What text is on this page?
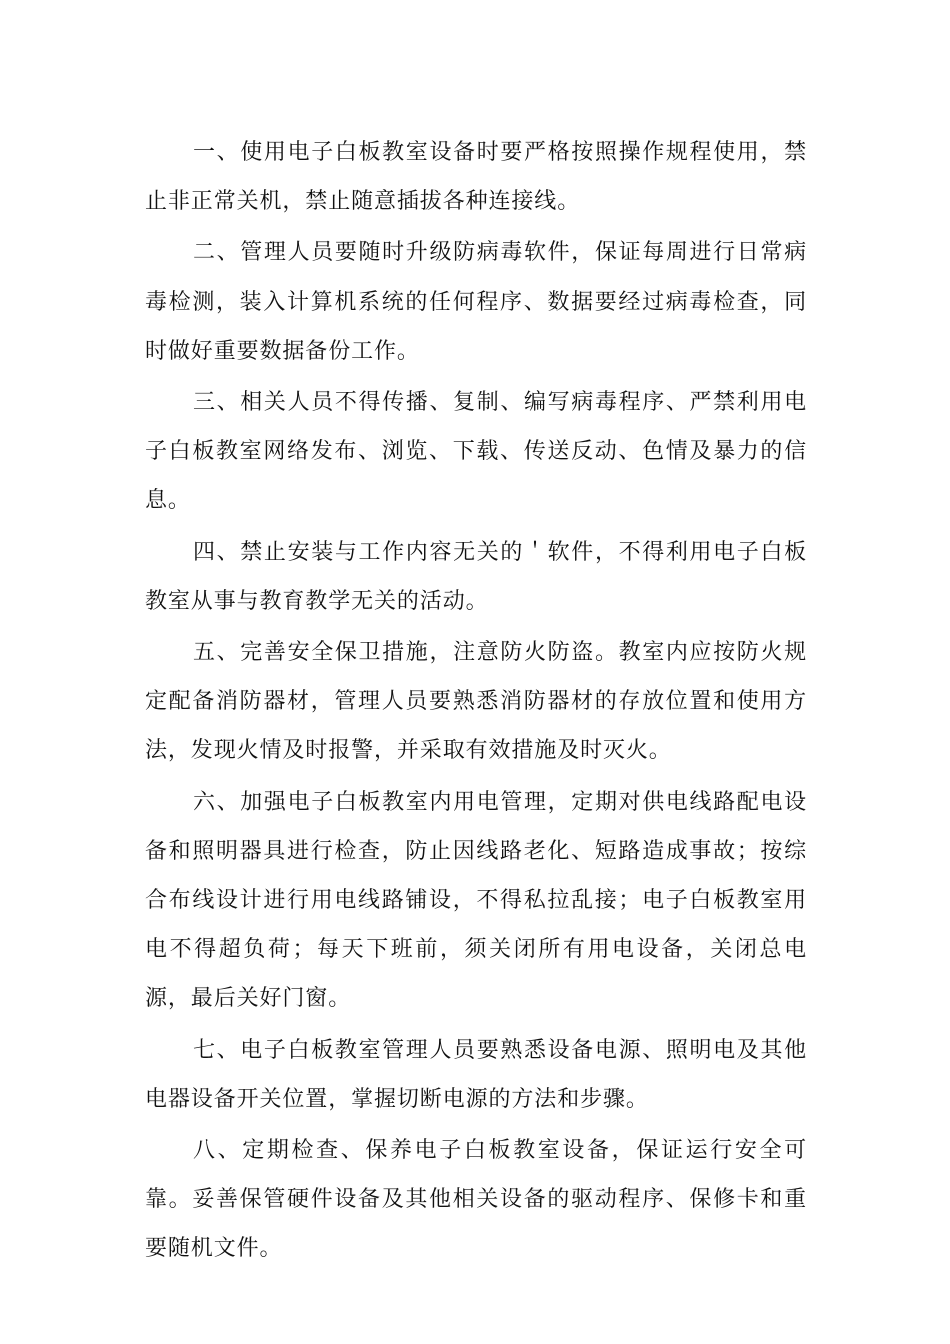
一、使用电子白板教室设备时要严格按照操作规程使用，禁止非正常关机，禁止随意插拔各种连接线。

二、管理人员要随时升级防病毒软件，保证每周进行日常病毒检测，装入计算机系统的任何程序、数据要经过病毒检查，同时做好重要数据备份工作。

三、相关人员不得传播、复制、编写病毒程序、严禁利用电子白板教室网络发布、浏览、下载、传送反动、色情及暴力的信息。

四、禁止安装与工作内容无关的＇软件，不得利用电子白板教室从事与教育教学无关的活动。

五、完善安全保卫措施，注意防火防盗。教室内应按防火规定配备消防器材，管理人员要熟悉消防器材的存放位置和使用方法，发现火情及时报警，并采取有效措施及时灭火。

六、加强电子白板教室内用电管理，定期对供电线路配电设备和照明器具进行检查，防止因线路老化、短路造成事故；按综合布线设计进行用电线路铺设，不得私拉乱接；电子白板教室用电不得超负荷；每天下班前，须关闭所有用电设备，关闭总电源，最后关好门窗。

七、电子白板教室管理人员要熟悉设备电源、照明电及其他电器设备开关位置，掌握切断电源的方法和步骤。

八、定期检查、保养电子白板教室设备，保证运行安全可靠。妥善保管硬件设备及其他相关设备的驱动程序、保修卡和重要随机文件。
